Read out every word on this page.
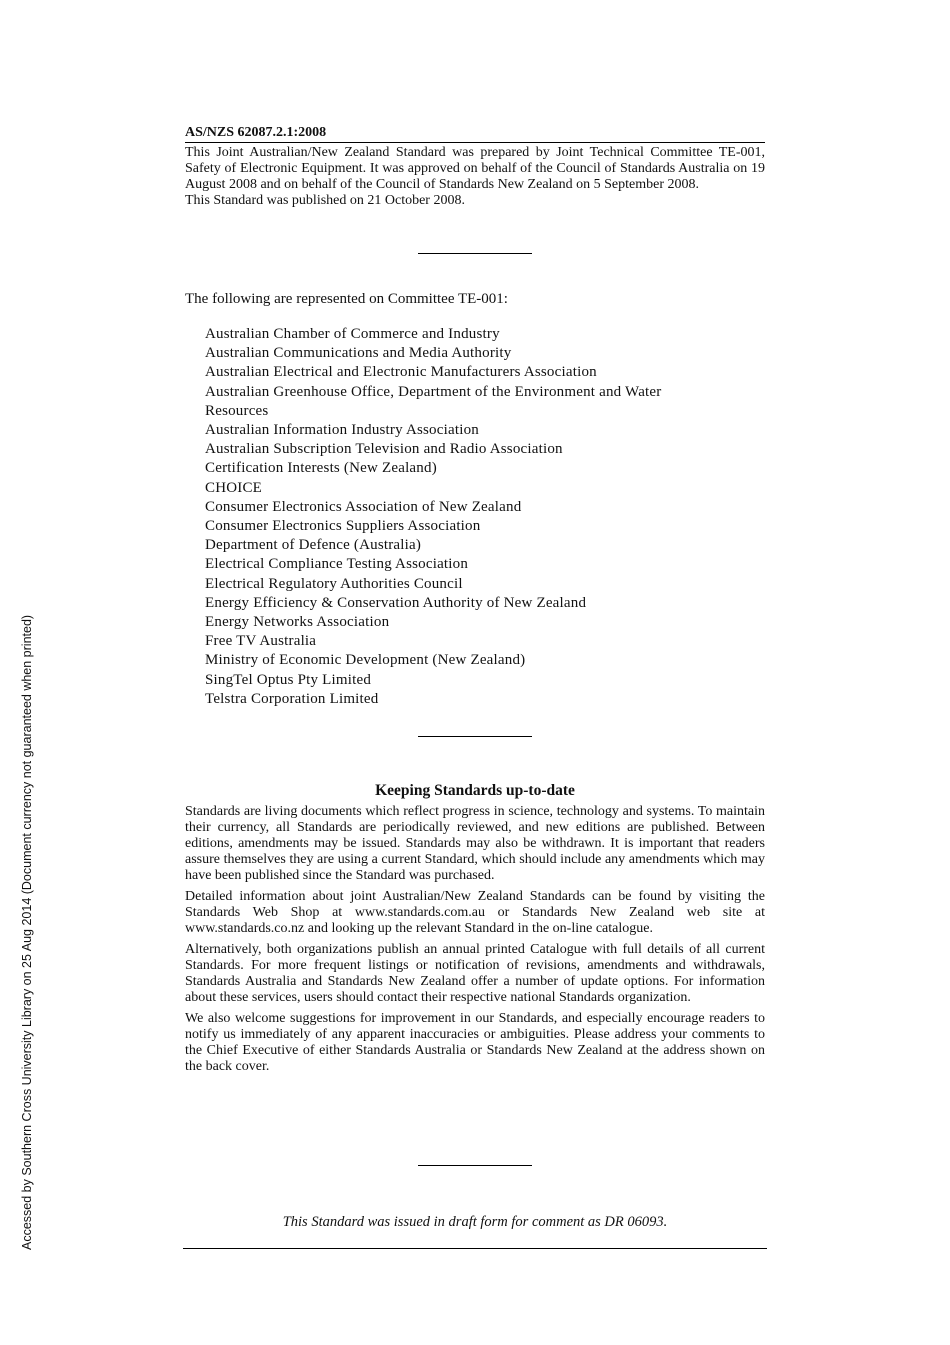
AS/NZS 62087.2.1:2008

This Joint Australian/New Zealand Standard was prepared by Joint Technical Committee TE-001, Safety of Electronic Equipment. It was approved on behalf of the Council of Standards Australia on 19 August 2008 and on behalf of the Council of Standards New Zealand on 5 September 2008.

This Standard was published on 21 October 2008.

The following are represented on Committee TE-001:
Australian Chamber of Commerce and Industry
Australian Communications and Media Authority
Australian Electrical and Electronic Manufacturers Association
Australian Greenhouse Office, Department of the Environment and Water
Resources
Australian Information Industry Association
Australian Subscription Television and Radio Association
Certification Interests (New Zealand)
CHOICE
Consumer Electronics Association of New Zealand
Consumer Electronics Suppliers Association
Department of Defence (Australia)
Electrical Compliance Testing Association
Electrical Regulatory Authorities Council
Energy Efficiency & Conservation Authority of New Zealand
Energy Networks Association
Free TV Australia
Ministry of Economic Development (New Zealand)
SingTel Optus Pty Limited
Telstra Corporation Limited
Keeping Standards up-to-date

Standards are living documents which reflect progress in science, technology and systems. To maintain their currency, all Standards are periodically reviewed, and new editions are published. Between editions, amendments may be issued. Standards may also be withdrawn. It is important that readers assure themselves they are using a current Standard, which should include any amendments which may have been published since the Standard was purchased.

Detailed information about joint Australian/New Zealand Standards can be found by visiting the Standards Web Shop at www.standards.com.au or Standards New Zealand web site at www.standards.co.nz and looking up the relevant Standard in the on-line catalogue.

Alternatively, both organizations publish an annual printed Catalogue with full details of all current Standards. For more frequent listings or notification of revisions, amendments and withdrawals, Standards Australia and Standards New Zealand offer a number of update options. For information about these services, users should contact their respective national Standards organization.

We also welcome suggestions for improvement in our Standards, and especially encourage readers to notify us immediately of any apparent inaccuracies or ambiguities. Please address your comments to the Chief Executive of either Standards Australia or Standards New Zealand at the address shown on the back cover.

This Standard was issued in draft form for comment as DR 06093.
Accessed by Southern Cross University Library on 25 Aug 2014 (Document currency not guaranteed when printed)
